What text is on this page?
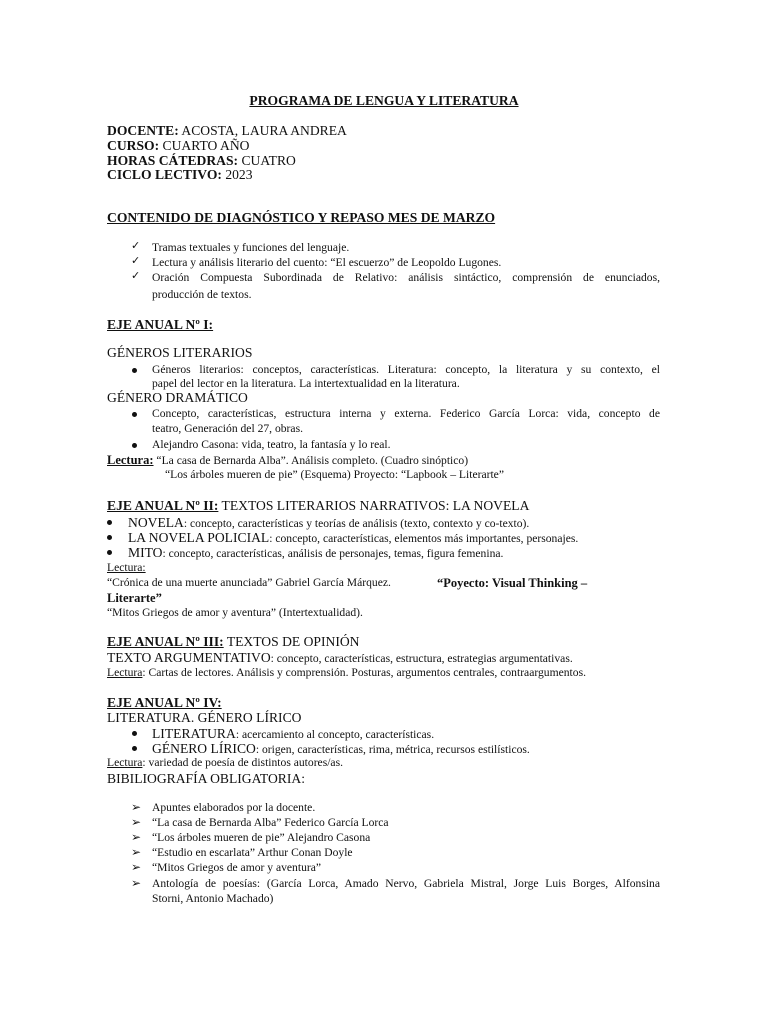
PROGRAMA DE LENGUA Y LITERATURA
DOCENTE: ACOSTA, LAURA ANDREA
CURSO: CUARTO AÑO
HORAS CÁTEDRAS: CUATRO
CICLO LECTIVO: 2023
CONTENIDO DE DIAGNÓSTICO Y REPASO MES DE MARZO
✓ Tramas textuales y funciones del lenguaje.
✓ Lectura y análisis literario del cuento: “El escuerzo” de Leopoldo Lugones.
✓ Oración Compuesta Subordinada de Relativo: análisis sintáctico, comprensión de enunciados,
producción de textos.
EJE ANUAL Nº I:
GÉNEROS LITERARIOS
Géneros literarios: conceptos, características. Literatura: concepto, la literatura y su contexto, el
papel del lector en la literatura. La intertextualidad en la literatura.
GÉNERO DRAMÁTICO
Concepto, características, estructura interna y externa. Federico García Lorca: vida, concepto de
teatro, Generación del 27, obras.
Alejandro Casona: vida, teatro, la fantasía y lo real.
Lectura: “La casa de Bernarda Alba”. Análisis completo. (Cuadro sinóptico)
“Los árboles mueren de pie” (Esquema) Proyecto: “Lapbook – Literarte”
EJE ANUAL Nº II: TEXTOS LITERARIOS NARRATIVOS: LA NOVELA
NOVELA: concepto, características y teorías de análisis (texto, contexto y co-texto).
LA NOVELA POLICIAL: concepto, características, elementos más importantes, personajes.
MITO: concepto, características, análisis de personajes, temas, figura femenina.
Lectura:
“Crónica de una muerte anunciada” Gabriel García Márquez.	“Poyecto: Visual Thinking –
Literarte”
“Mitos Griegos de amor y aventura” (Intertextualidad).
EJE ANUAL Nº III: TEXTOS DE OPINIÓN
TEXTO ARGUMENTATIVO: concepto, características, estructura, estrategias argumentativas.
Lectura: Cartas de lectores. Análisis y comprensión. Posturas, argumentos centrales, contraargumentos.
EJE ANUAL Nº IV:
LITERATURA. GÉNERO LÍRICO
LITERATURA: acercamiento al concepto, características.
GÉNERO LÍRICO: origen, características, rima, métrica, recursos estilísticos.
Lectura: variedad de poesía de distintos autores/as.
BIBILIOGRAFÍA OBLIGATORIA:
➢ Apuntes elaborados por la docente.
➢ “La casa de Bernarda Alba” Federico García Lorca
➢ “Los árboles mueren de pie” Alejandro Casona
➢ “Estudio en escarlata” Arthur Conan Doyle
➢ “Mitos Griegos de amor y aventura”
➢ Antología de poesías: (García Lorca, Amado Nervo, Gabriela Mistral, Jorge Luis Borges, Alfonsina
Storni, Antonio Machado)
